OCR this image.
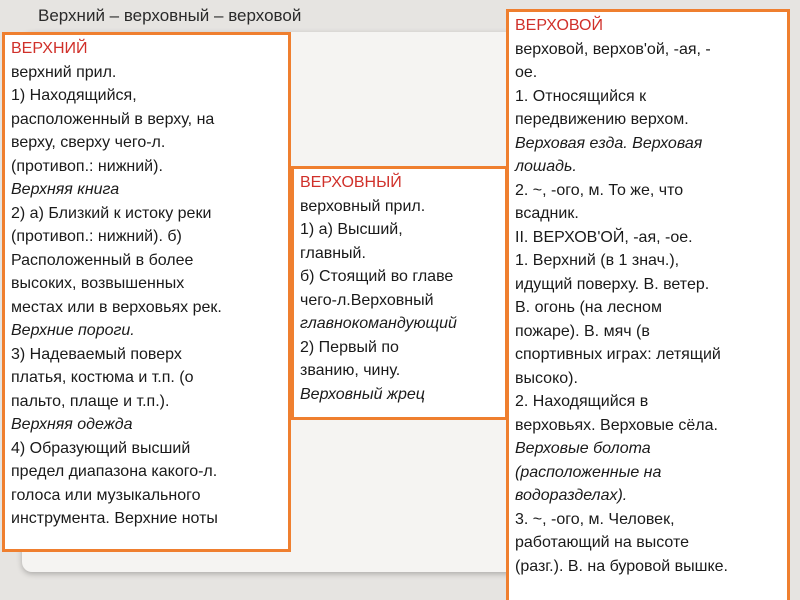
Верхний – верховный – верховой

ВЕРХНИЙ

верхний прил.

1) Находящийся,

расположенный в верху, на

верху, сверху чего-л.

(противоп.: нижний).

Верхняя книга

2) а) Близкий к истоку реки

(противоп.: нижний). б)

Расположенный в более

высоких, возвышенных

местах или в верховьях рек.

Верхние пороги.

3) Надеваемый поверх

платья, костюма и т.п. (о

пальто, плаще и т.п.).

Верхняя одежда

4) Образующий высший

предел диапазона какого-л.

голоса или музыкального

инструмента. Верхние ноты

ВЕРХОВНЫЙ

верховный прил.

1) а) Высший,

главный.

б) Стоящий во главе

чего-л.Верховный

главнокомандующий

2) Первый по

званию, чину.

Верховный жрец

ВЕРХОВОЙ

верховой, верхов'ой, -ая, -

ое.

1. Относящийся к

передвижению верхом.

Верховая езда. Верховая

лошадь.

2. ~, -ого, м. То же, что

всадник.

II. ВЕРХОВ'ОЙ, -ая, -ое.

1. Верхний (в 1 знач.),

идущий поверху. В. ветер.

В. огонь (на лесном

пожаре). В. мяч (в

спортивных играх: летящий

высоко).

2. Находящийся в

верховьях. Верховые сёла.

Верховые болота

(расположенные на

водоразделах).

3. ~, -ого, м. Человек,

работающий на высоте

(разг.). В. на буровой вышке.
